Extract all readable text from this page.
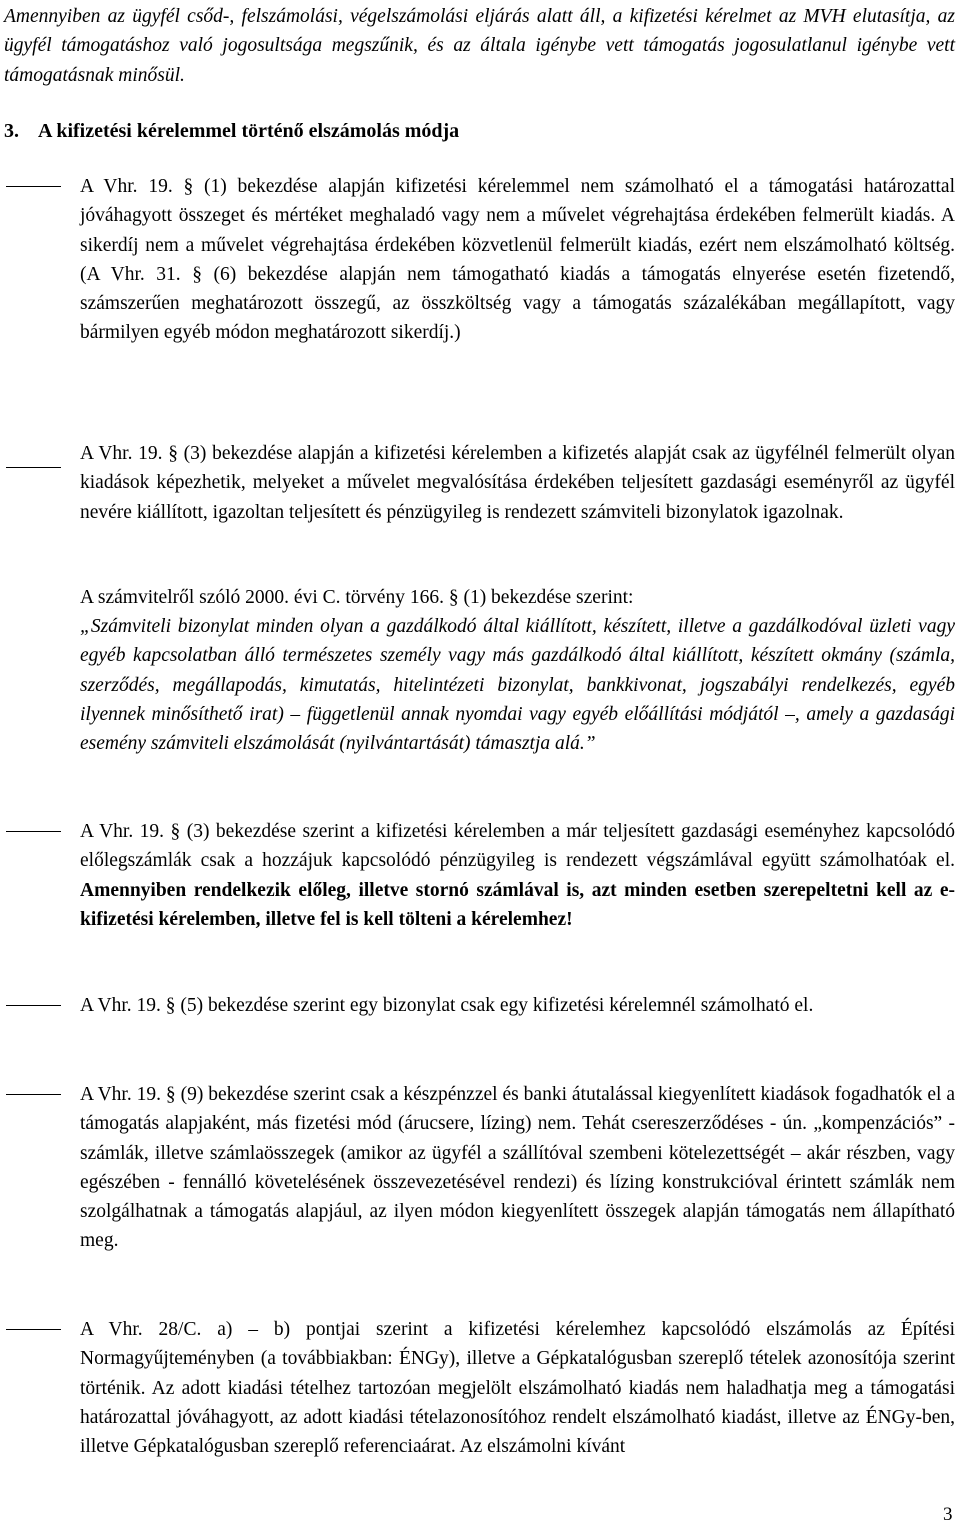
Amennyiben az ügyfél csőd-, felszámolási, végelszámolási eljárás alatt áll, a kifizetési kérelmet az MVH elutasítja, az ügyfél támogatáshoz való jogosultsága megszűnik, és az általa igénybe vett támogatás jogosulatlanul igénybe vett támogatásnak minősül.
3. A kifizetési kérelemmel történő elszámolás módja
A Vhr. 19. § (1) bekezdése alapján kifizetési kérelemmel nem számolható el a támogatási határozattal jóváhagyott összeget és mértéket meghaladó vagy nem a művelet végrehajtása érdekében felmerült kiadás. A sikerdíj nem a művelet végrehajtása érdekében közvetlenül felmerült kiadás, ezért nem elszámolható költség. (A Vhr. 31. § (6) bekezdése alapján nem támogatható kiadás a támogatás elnyerése esetén fizetendő, számszerűen meghatározott összegű, az összköltség vagy a támogatás százalékában megállapított, vagy bármilyen egyéb módon meghatározott sikerdíj.)
A Vhr. 19. § (3) bekezdése alapján a kifizetési kérelemben a kifizetés alapját csak az ügyfélnél felmerült olyan kiadások képezhetik, melyeket a művelet megvalósítása érdekében teljesített gazdasági eseményről az ügyfél nevére kiállított, igazoltan teljesített és pénzügyileg is rendezett számviteli bizonylatok igazolnak.
A számvitelről szóló 2000. évi C. törvény 166. § (1) bekezdése szerint:
„Számviteli bizonylat minden olyan a gazdálkodó által kiállított, készített, illetve a gazdálkodóval üzleti vagy egyéb kapcsolatban álló természetes személy vagy más gazdálkodó által kiállított, készített okmány (számla, szerződés, megállapodás, kimutatás, hitelintézeti bizonylat, bankkivonat, jogszabályi rendelkezés, egyéb ilyennek minősíthető irat) – függetlenül annak nyomdai vagy egyéb előállítási módjától –, amely a gazdasági esemény számviteli elszámolását (nyilvántartását) támasztja alá.”
A Vhr. 19. § (3) bekezdése szerint a kifizetési kérelemben a már teljesített gazdasági eseményhez kapcsolódó előlegszámlák csak a hozzájuk kapcsolódó pénzügyileg is rendezett végszámlával együtt számolhatóak el. Amennyiben rendelkezik előleg, illetve stornó számlával is, azt minden esetben szerepeltetni kell az e-kifizetési kérelemben, illetve fel is kell tölteni a kérelemhez!
A Vhr. 19. § (5) bekezdése szerint egy bizonylat csak egy kifizetési kérelemnél számolható el.
A Vhr. 19. § (9) bekezdése szerint csak a készpénzzel és banki átutalással kiegyenlített kiadások fogadhatók el a támogatás alapjaként, más fizetési mód (árucsere, lízing) nem. Tehát csereszerződéses - ún. „kompenzációs” - számlák, illetve számlaösszegek (amikor az ügyfél a szállítóval szembeni kötelezettségét – akár részben, vagy egészében - fennálló követelésének összevezetésével rendezi) és lízing konstrukcióval érintett számlák nem szolgálhatnak a támogatás alapjául, az ilyen módon kiegyenlített összegek alapján támogatás nem állapítható meg.
A Vhr. 28/C. a) – b) pontjai szerint a kifizetési kérelemhez kapcsolódó elszámolás az Építési Normagyűjteményben (a továbbiakban: ÉNGy), illetve a Gépkatalógusban szereplő tételek azonosítója szerint történik. Az adott kiadási tételhez tartozóan megjelölt elszámolható kiadás nem haladhatja meg a támogatási határozattal jóváhagyott, az adott kiadási tételazonosítóhoz rendelt elszámolható kiadást, illetve az ÉNGy-ben, illetve Gépkatalógusban szereplő referenciaárat. Az elszámolni kívánt
3
